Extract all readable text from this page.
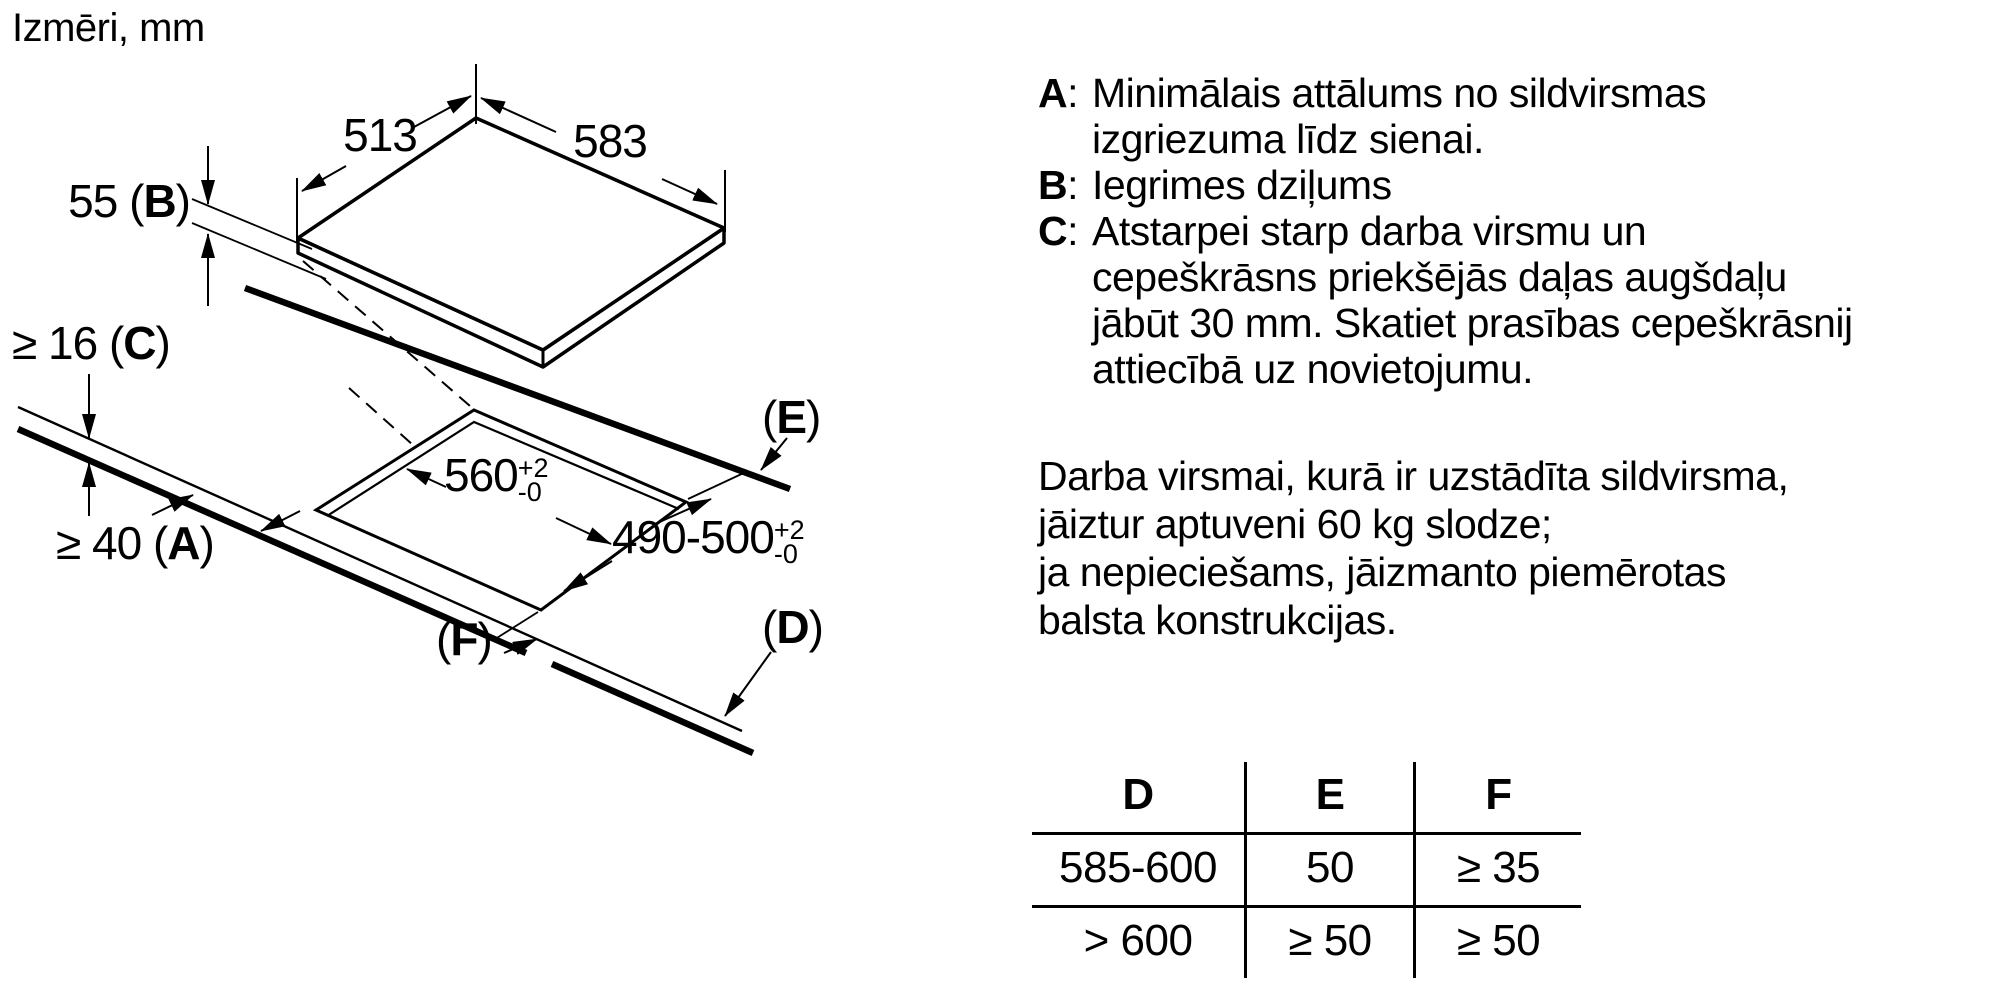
Izmēri, mm
513	583
55 (B)
≥ 16 (C)
≥ 40 (A)
560 +2
-0
490-500 +2
-0
(E)
(D)
(F)
A: Minimālais attālums no sildvirsmas
izgriezuma līdz sienai.
B: Iegrimes dziļums
C: Atstarpei starp darba virsmu un
cepeškrāsns priekšējās daļas augšdaļu
jābūt 30 mm. Skatiet prasības cepeškrāsnij
attiecībā uz novietojumu.
Darba virsmai, kurā ir uzstādīta sildvirsma,
jāiztur aptuveni 60 kg slodze;
ja nepieciešams, jāizmanto piemērotas
balsta konstrukcijas.
D	E	F
585-600	50	≥ 35
> 600	≥ 50	≥ 50
